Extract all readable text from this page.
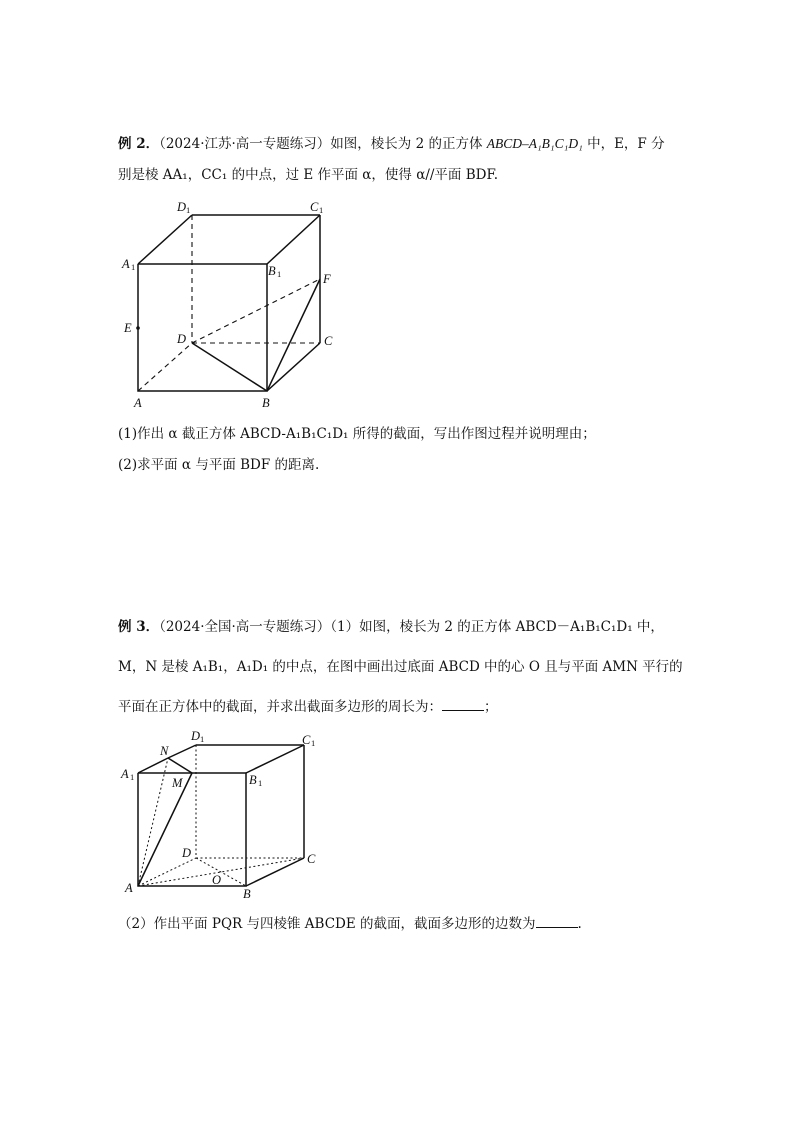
例 2．（2024·江苏·高一专题练习）如图，棱长为 2 的正方体 ABCD–A₁B₁C₁D₁ 中，E，F 分
别是棱 AA₁，CC₁ 的中点，过 E 作平面 α，使得 α//平面 BDF.
D 1	C 1
A 1	B 1	F
E
D	C
A	B
(1)作出 α 截正方体 ABCD-A₁B₁C₁D₁ 所得的截面，写出作图过程并说明理由；
(2)求平面 α 与平面 BDF 的距离.
例 3．（2024·全国·高一专题练习）（1）如图，棱长为 2 的正方体 ABCD－A₁B₁C₁D₁ 中，
M，N 是棱 A₁B₁，A₁D₁ 的中点，在图中画出过底面 ABCD 中的心 O 且与平面 AMN 平行的
平面在正方体中的截面，并求出截面多边形的周长为：	；
N
D 1	C 1
A 1	M	B 1
D	C
O
A	B
（2）作出平面 PQR 与四棱锥 ABCDE 的截面，截面多边形的边数为	.
